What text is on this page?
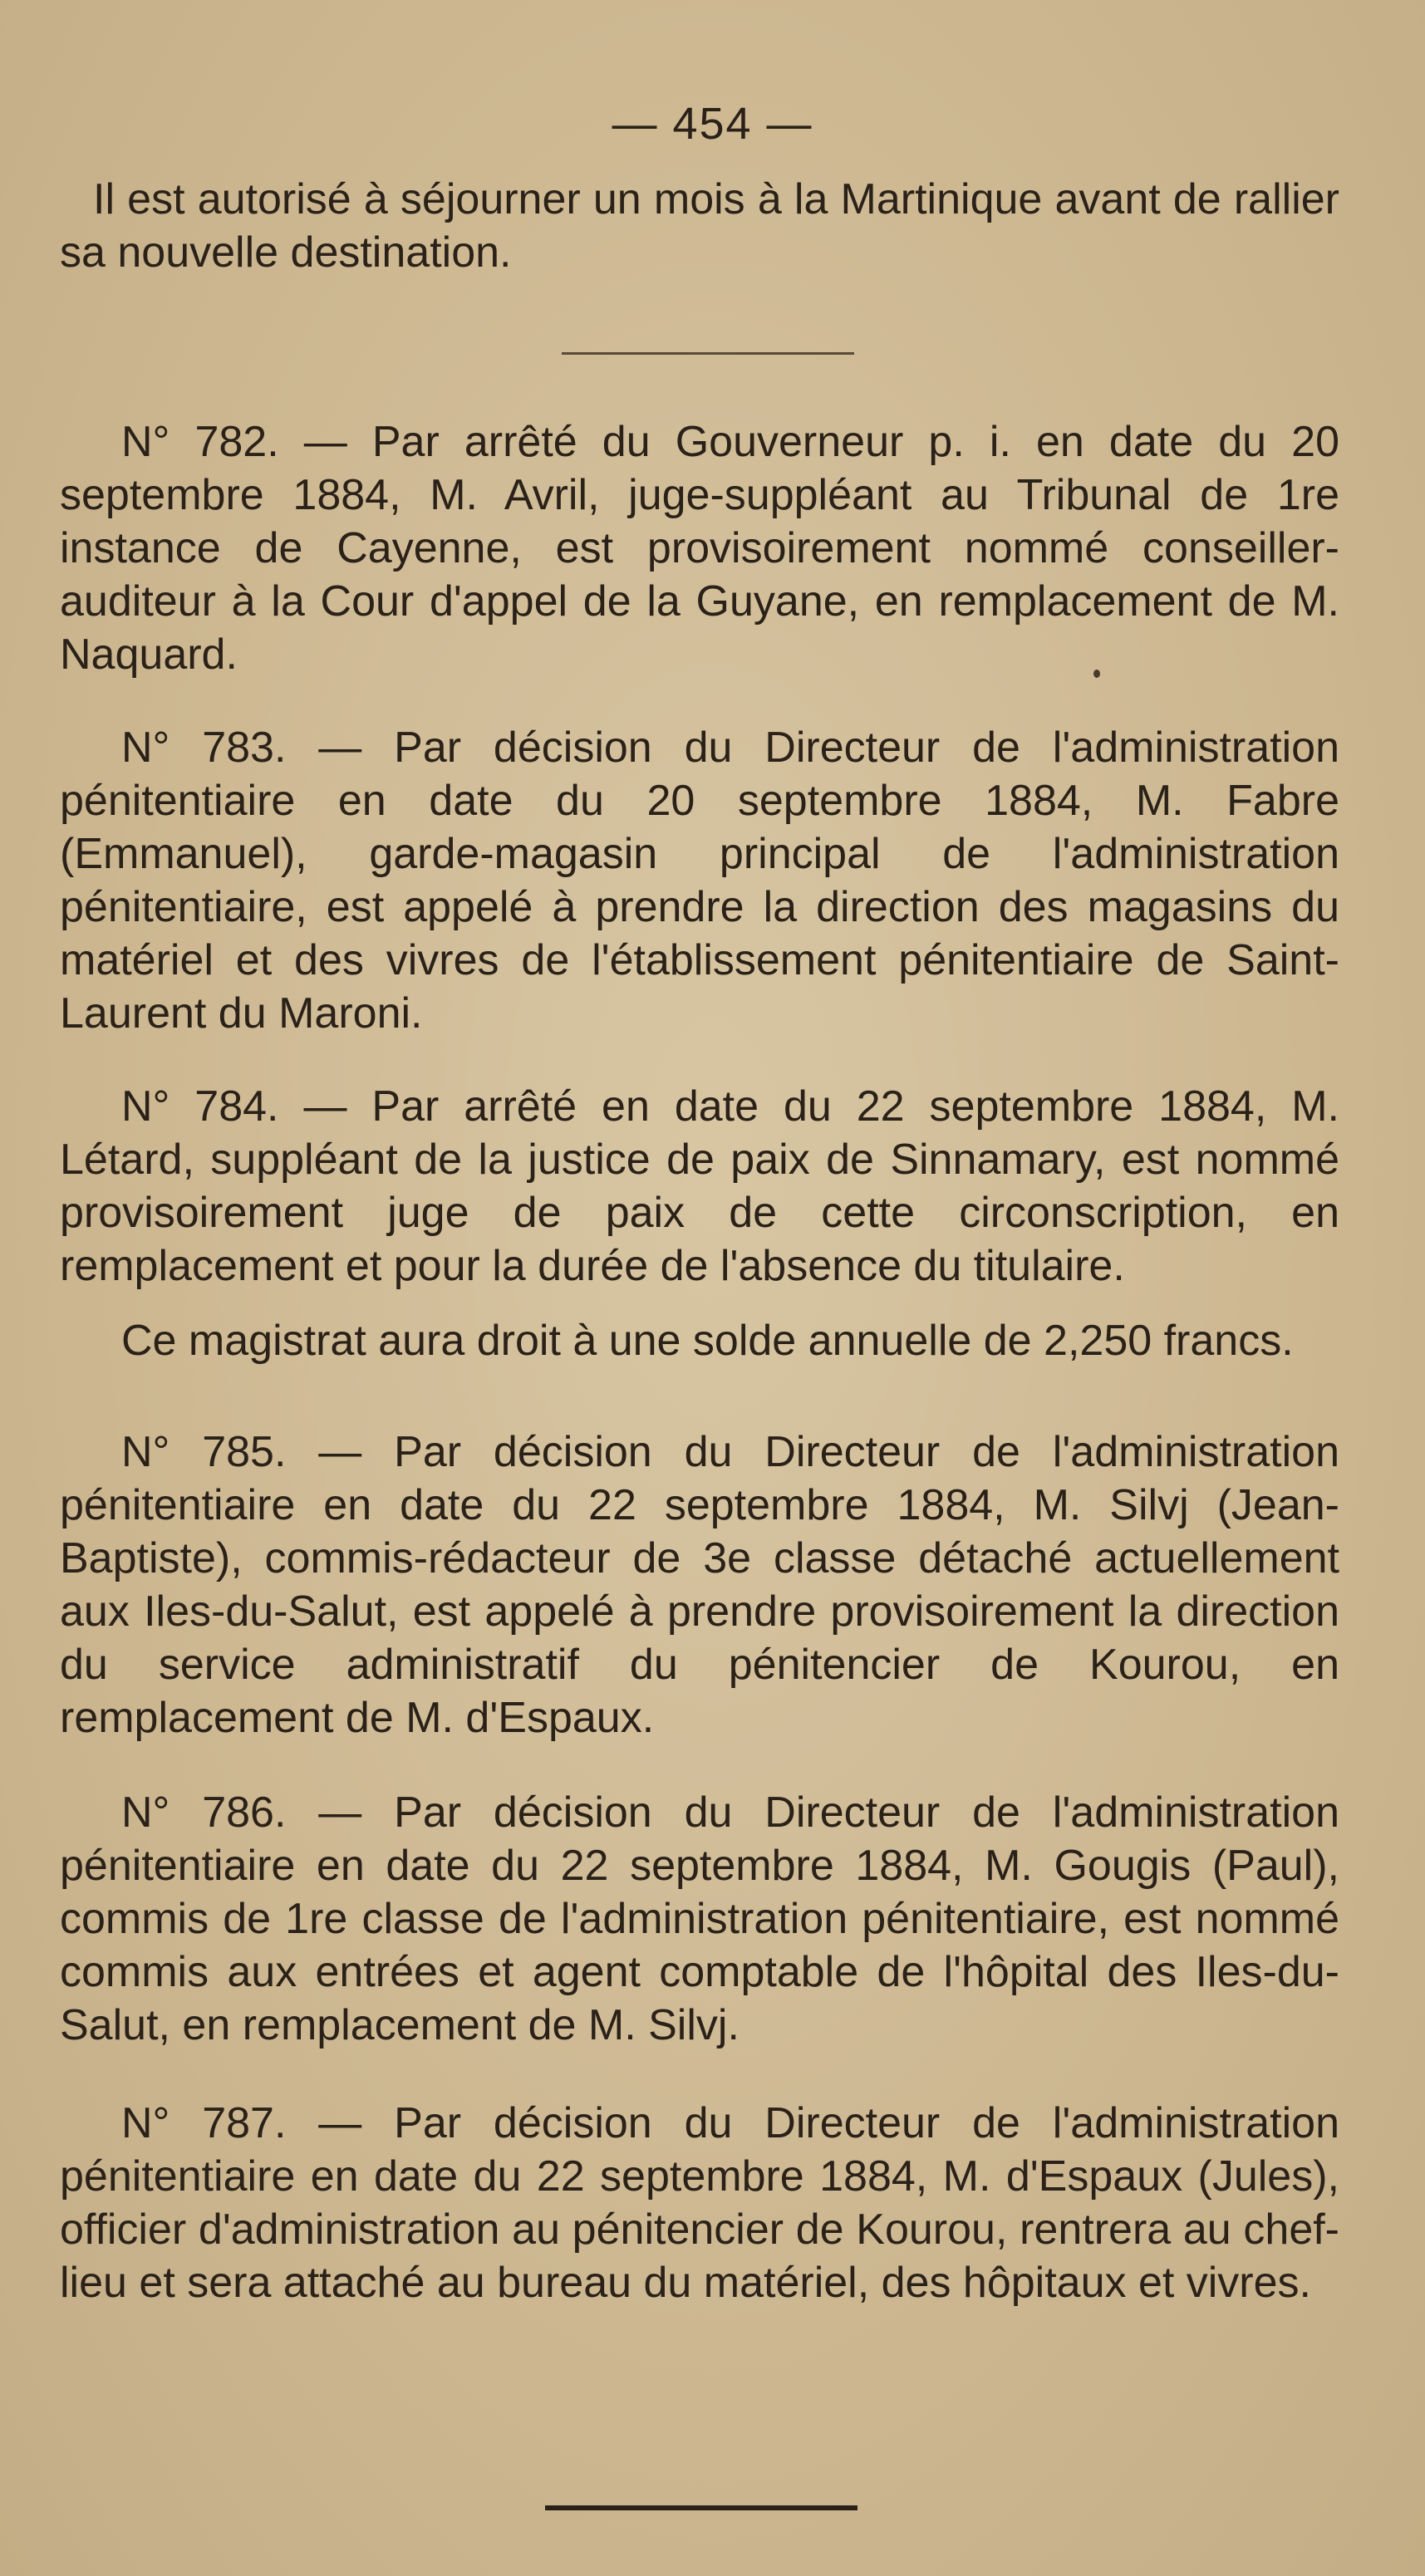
— 454 —

Il est autorisé à séjourner un mois à la Martinique avant de rallier sa nouvelle destination.

N° 782. — Par arrêté du Gouverneur p. i. en date du 20 septembre 1884, M. Avril, juge-suppléant au Tribunal de 1re instance de Cayenne, est provisoirement nommé conseiller-auditeur à la Cour d'appel de la Guyane, en remplacement de M. Naquard.

N° 783. — Par décision du Directeur de l'administration pénitentiaire en date du 20 septembre 1884, M. Fabre (Emmanuel), garde-magasin principal de l'administration pénitentiaire, est appelé à prendre la direction des magasins du matériel et des vivres de l'établissement pénitentiaire de Saint-Laurent du Maroni.

N° 784. — Par arrêté en date du 22 septembre 1884, M. Létard, suppléant de la justice de paix de Sinnamary, est nommé provisoirement juge de paix de cette circonscription, en remplacement et pour la durée de l'absence du titulaire.

Ce magistrat aura droit à une solde annuelle de 2,250 francs.

N° 785. — Par décision du Directeur de l'administration pénitentiaire en date du 22 septembre 1884, M. Silvj (Jean-Baptiste), commis-rédacteur de 3e classe détaché actuellement aux Iles-du-Salut, est appelé à prendre provisoirement la direction du service administratif du pénitencier de Kourou, en remplacement de M. d'Espaux.

N° 786. — Par décision du Directeur de l'administration pénitentiaire en date du 22 septembre 1884, M. Gougis (Paul), commis de 1re classe de l'administration pénitentiaire, est nommé commis aux entrées et agent comptable de l'hôpital des Iles-du-Salut, en remplacement de M. Silvj.

N° 787. — Par décision du Directeur de l'administration pénitentiaire en date du 22 septembre 1884, M. d'Espaux (Jules), officier d'administration au pénitencier de Kourou, rentrera au chef-lieu et sera attaché au bureau du matériel, des hôpitaux et vivres.
